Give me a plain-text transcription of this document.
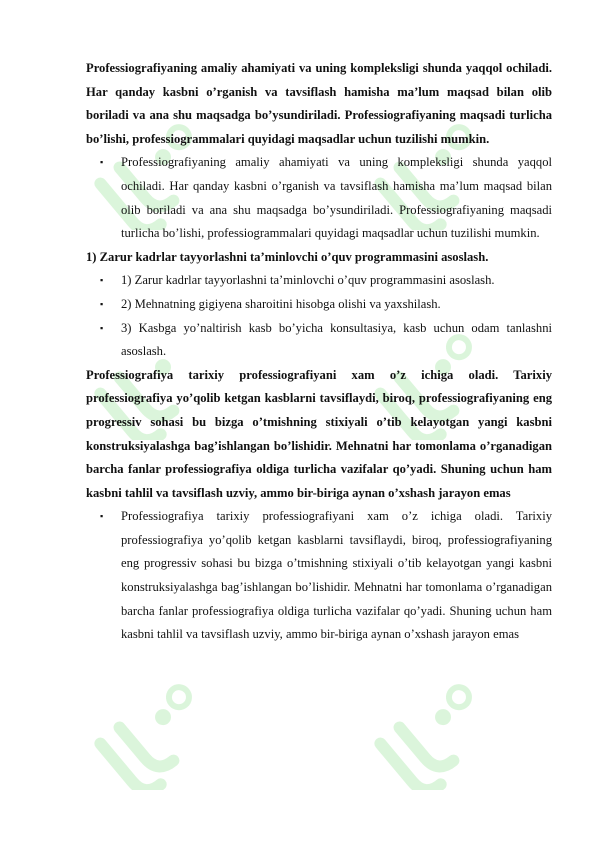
Professiografiyaning amaliy ahamiyati va uning kompleksligi shunda yaqqol ochiladi. Har qanday kasbni o’rganish va tavsiflash hamisha ma’lum maqsad bilan olib boriladi va ana shu maqsadga bo’ysundiriladi. Professiografiyaning maqsadi turlicha bo’lishi, professiogrammalari quyidagi maqsadlar uchun tuzilishi mumkin.

▪ Professiografiyaning amaliy ahamiyati va uning kompleksligi shunda yaqqol ochiladi. Har qanday kasbni o’rganish va tavsiflash hamisha ma’lum maqsad bilan olib boriladi va ana shu maqsadga bo’ysundiriladi. Professiografiyaning maqsadi turlicha bo’lishi, professiogrammalari quyidagi maqsadlar uchun tuzilishi mumkin.

1) Zarur kadrlar tayyorlashni ta’minlovchi o’quv programmasini asoslash.

▪ 1) Zarur kadrlar tayyorlashni ta’minlovchi o’quv programmasini asoslash.
▪ 2) Mehnatning gigiyena sharoitini hisobga olishi va yaxshilash.
▪ 3) Kasbga yo’naltirish kasb bo’yicha konsultasiya, kasb uchun odam tanlashni asoslash.

Professiografiya tarixiy professiografiyani xam o’z ichiga oladi. Tarixiy professiografiya yo’qolib ketgan kasblarni tavsiflaydi, biroq, professiografiyaning eng progressiv sohasi bu bizga o’tmishning stixiyali o’tib kelayotgan yangi kasbni konstruksiyalashga bag’ishlangan bo’lishidir. Mehnatni har tomonlama o’rganadigan barcha fanlar professiografiya oldiga turlicha vazifalar qo’yadi. Shuning uchun ham kasbni tahlil va tavsiflash uzviy, ammo bir-biriga aynan o’xshash jarayon emas

▪ Professiografiya tarixiy professiografiyani xam o’z ichiga oladi. Tarixiy professiografiya yo’qolib ketgan kasblarni tavsiflaydi, biroq, professiografiyaning eng progressiv sohasi bu bizga o’tmishning stixiyali o’tib kelayotgan yangi kasbni konstruksiyalashga bag’ishlangan bo’lishidir. Mehnatni har tomonlama o’rganadigan barcha fanlar professiografiya oldiga turlicha vazifalar qo’yadi. Shuning uchun ham kasbni tahlil va tavsiflash uzviy, ammo bir-biriga aynan o’xshash jarayon emas
